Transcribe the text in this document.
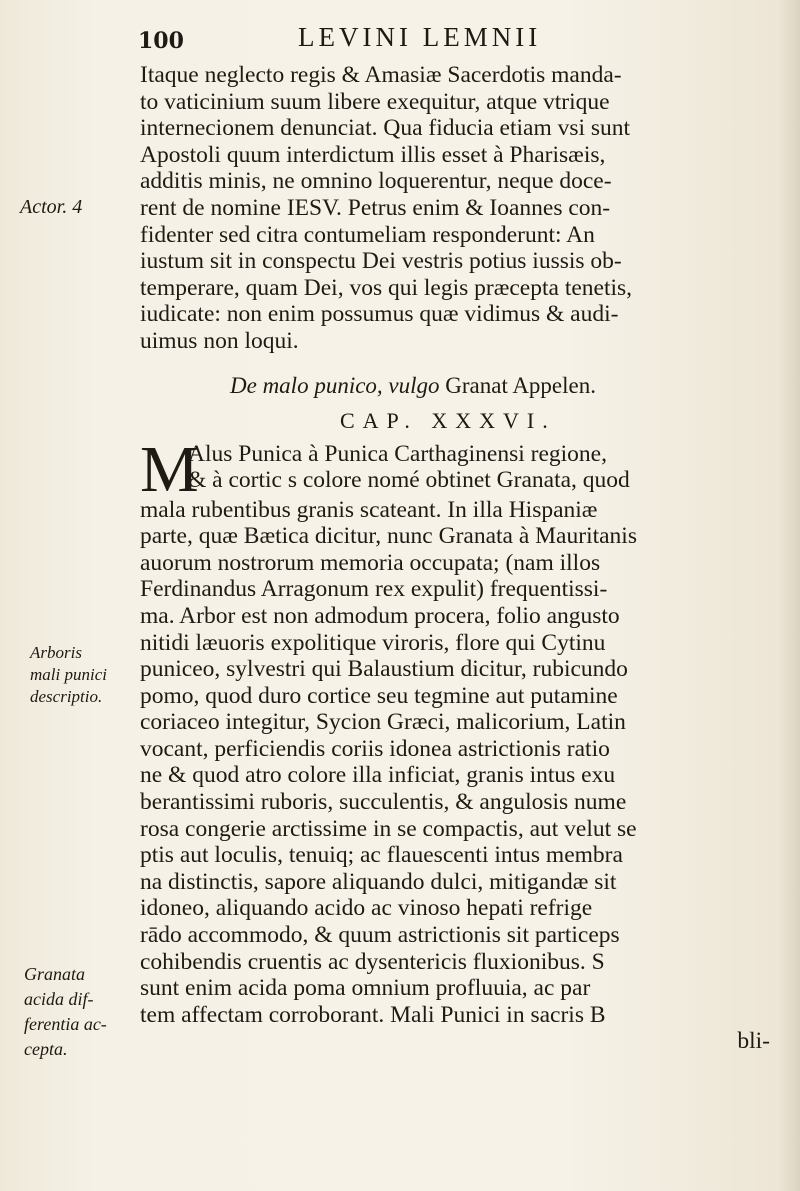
100	LEVINI LEMNII
Actor. 4
Arboris
mali punici
descriptio.
Granata
acida dif-
ferentia ac-
cepta.
Itaque neglecto regis & Amasiæ Sacerdotis manda-
to vaticinium suum libere exequitur, atque vtrique
internecionem denunciat. Qua fiducia etiam vsi sunt
Apostoli quum interdictum illis esset à Pharisæis,
additis minis, ne omnino loquerentur, neque doce-
rent de nomine IESV. Petrus enim & Ioannes con-
fidenter sed citra contumeliam responderunt: An
iustum sit in conspectu Dei vestris potius iussis ob-
temperare, quam Dei, vos qui legis præcepta tenetis,
iudicate: non enim possumus quæ vidimus & audi-
uimus non loqui.
De malo punico, vulgo Granat Appelen.
CAP. XXXVI.
M
Alus Punica à Punica Carthaginensi regione,
& à cortic s colore nomé obtinet Granata, quod
mala rubentibus granis scateant. In illa Hispaniæ
parte, quæ Bætica dicitur, nunc Granata à Mauritanis
auorum nostrorum memoria occupata; (nam illos
Ferdinandus Arragonum rex expulit) frequentissi-
ma. Arbor est non admodum procera, folio angusto
nitidi læuoris expolitique viroris, flore qui Cytinu
puniceo, sylvestri qui Balaustium dicitur, rubicundo
pomo, quod duro cortice seu tegmine aut putamine
coriaceo integitur, Sycion Græci, malicorium, Latin
vocant, perficiendis coriis idonea astrictionis ratio
ne & quod atro colore illa inficiat, granis intus exu
berantissimi ruboris, succulentis, & angulosis nume
rosa congerie arctissime in se compactis, aut velut se
ptis aut loculis, tenuiq; ac flauescenti intus membra
na distinctis, sapore aliquando dulci, mitigandæ sit
idoneo, aliquando acido ac vinoso hepati refrige
rādo accommodo, & quum astrictionis sit particeps
cohibendis cruentis ac dysentericis fluxionibus. S
sunt enim acida poma omnium profluuia, ac par
tem affectam corroborant. Mali Punici in sacris B
bli-
